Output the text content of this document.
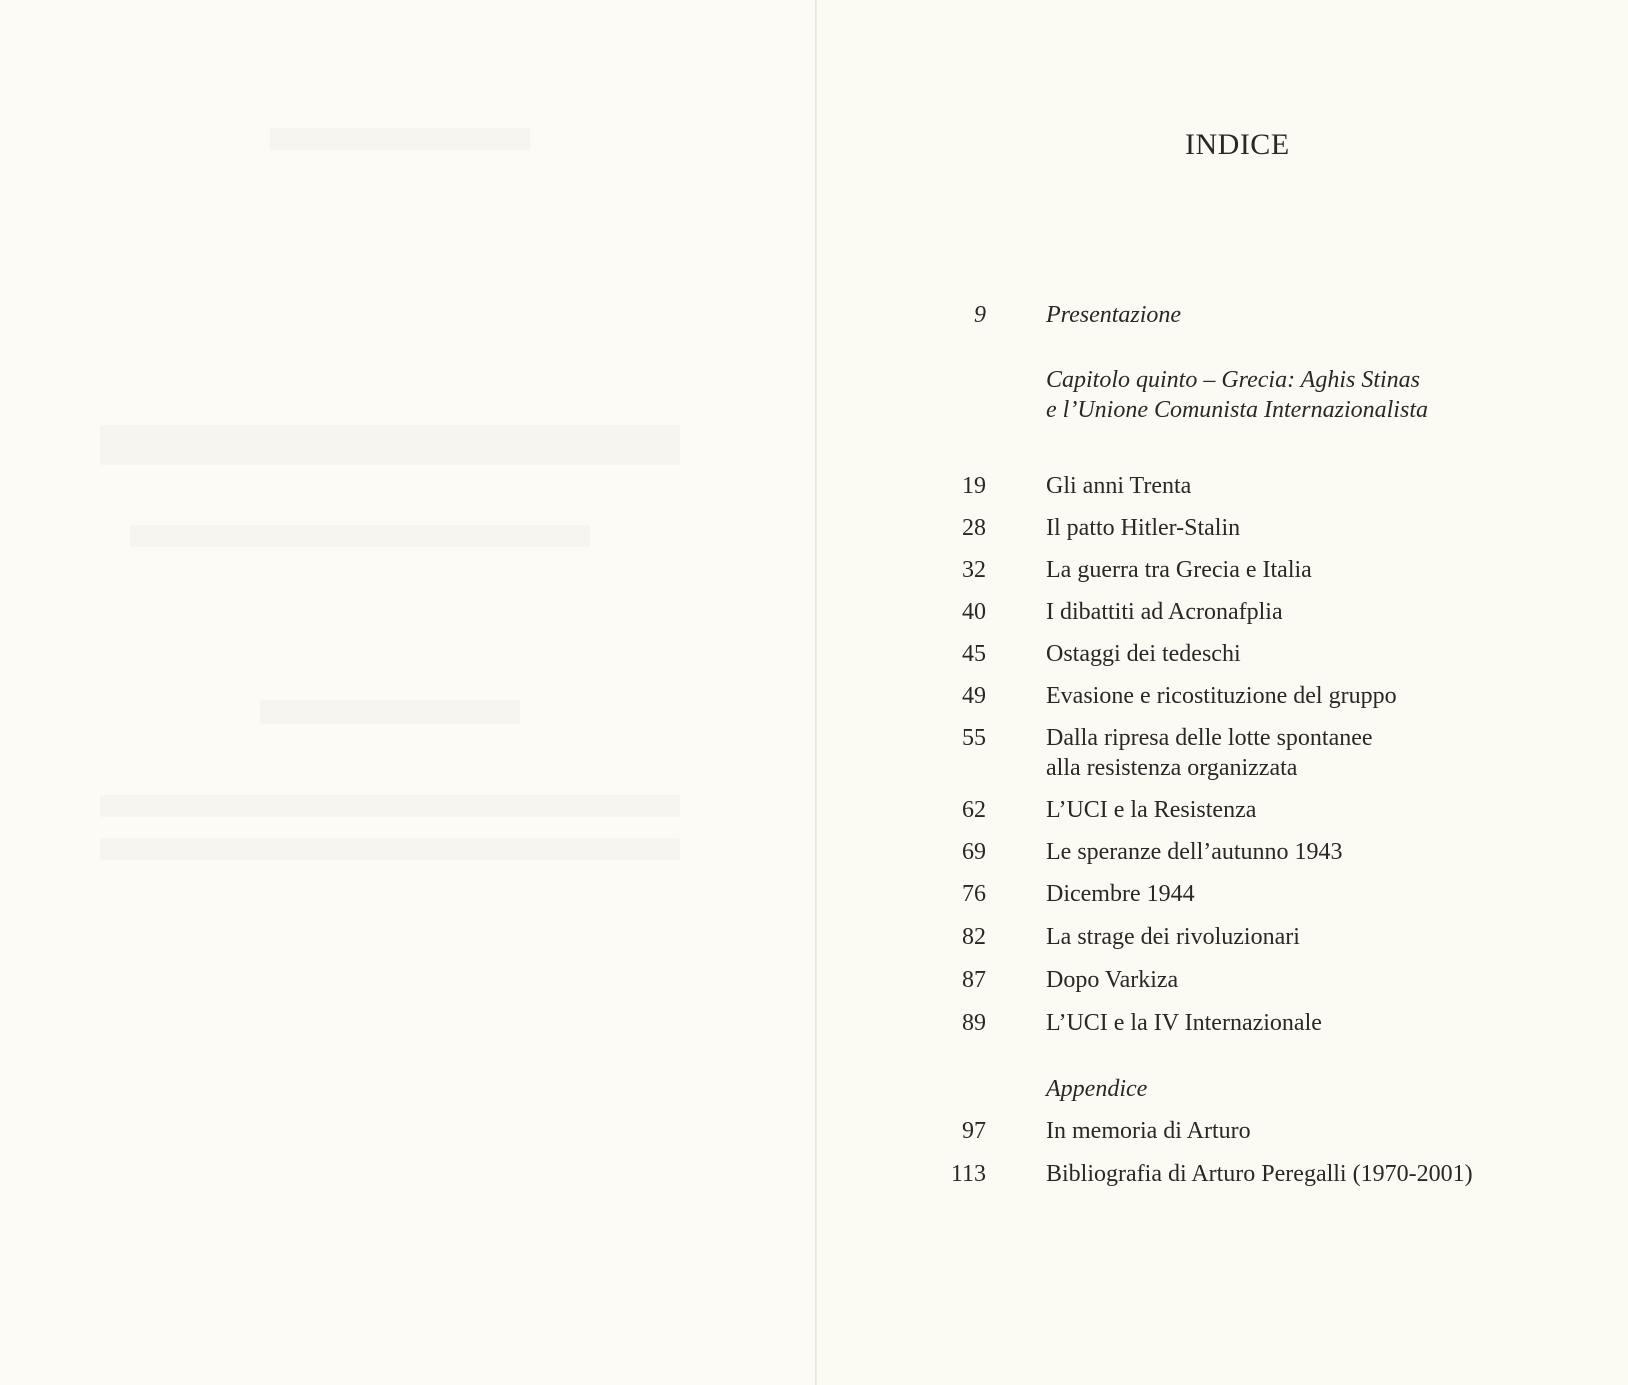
INDICE
9	Presentazione
Capitolo quinto – Grecia: Aghis Stinas
e l’Unione Comunista Internazionalista
19	Gli anni Trenta
28	Il patto Hitler-Stalin
32	La guerra tra Grecia e Italia
40	I dibattiti ad Acronafplia
45	Ostaggi dei tedeschi
49	Evasione e ricostituzione del gruppo
55	Dalla ripresa delle lotte spontanee
alla resistenza organizzata
62	L’UCI e la Resistenza
69	Le speranze dell’autunno 1943
76	Dicembre 1944
82	La strage dei rivoluzionari
87	Dopo Varkiza
89	L’UCI e la IV Internazionale
Appendice
97	In memoria di Arturo
113	Bibliografia di Arturo Peregalli (1970-2001)
